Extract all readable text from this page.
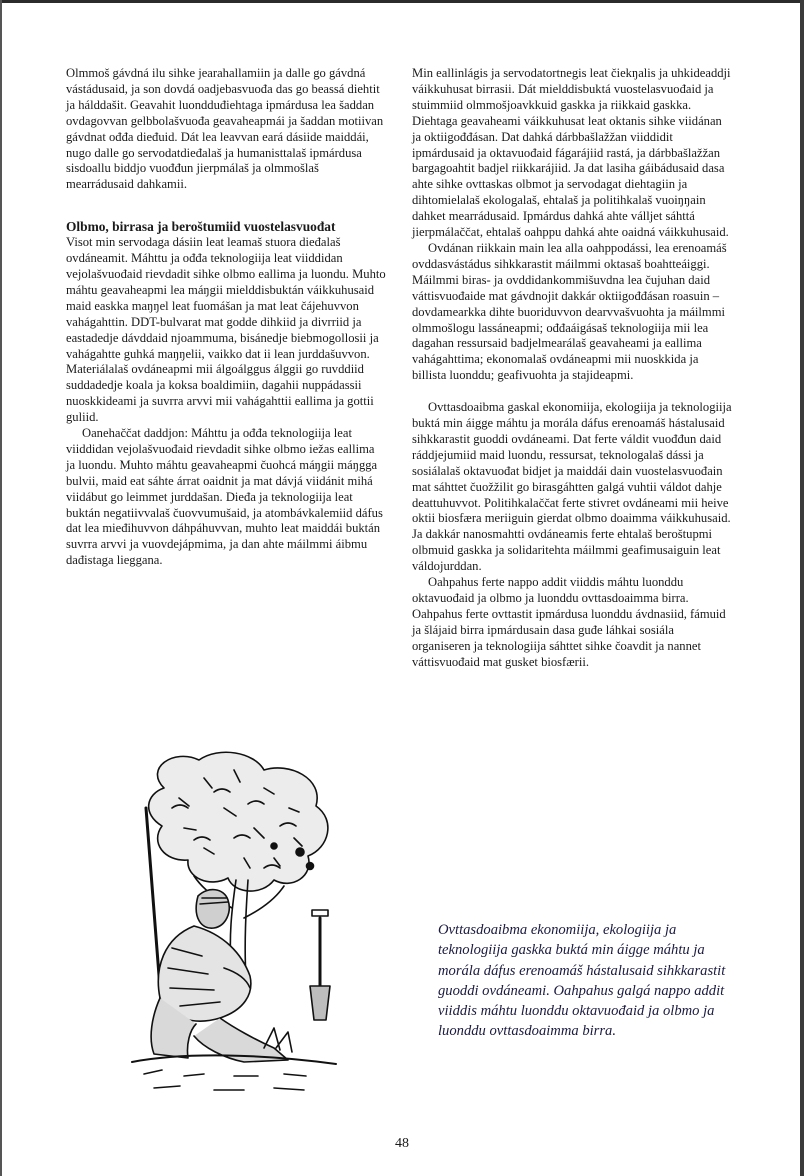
Olmmoš gávdná ilu sihke jearahallamiin ja dalle go gávdná vástádusaid, ja son dovdá oadjebasvuođa das go beassá diehtit ja hálddašit. Geavahit luondduđiehtaga ipmárdusa lea šaddan ovdagovvan gelbbolašvuođa geavaheapmái ja šaddan motiivan gávdnat ođđa dieđuid. Dát lea leavvan eará dásiide maiddái, nugo dalle go servodatdieđalaš ja humanisttalaš ipmárdusa sisdoallu biddjo vuođđun jierpmálaš ja olmmošlaš mearrádusaid dahkamii.

Olbmo, birrasa ja beroštumiid vuostelasvuođat

Visot min servodaga dásiin leat leamaš stuora dieđalaš ovdáneamit. Máhttu ja ođđa teknologiija leat viiddidan vejolašvuođaid rievdadit sihke olbmo eallima ja luondu. Muhto máhtu geavaheapmi lea máŋgii mielddisbuktán váikkuhusaid maid easkka maŋŋel leat fuomášan ja mat leat čájehuvvon vahágahttin. DDT-bulvarat mat godde dihkiid ja divrriid ja eastadedje dávddaid njoammuma, bisánedje biebmogollosii ja vahágahtte guhká maŋŋelii, vaikko dat ii lean jurddašuvvon. Materiálalaš ovdáneapmi mii álgoálggus álggii go ruvddiid suddadedje koala ja koksa boaldimiin, dagahii nuppádassii nuoskkideami ja suvrra arvvi mii vahágahttii eallima ja gottii guliid.

Oanehaččat daddjon: Máhttu ja ođđa teknologiija leat viiddidan vejolašvuođaid rievdadit sihke olbmo iežas eallima ja luondu. Muhto máhtu geavaheapmi čuohcá máŋgii máŋgga bulvii, maid eat sáhte árrat oaidnit ja mat dávjá viidánit mihá viidábut go leimmet jurddašan. Dieđa ja teknologiija leat buktán negatiivvalaš čuovvumušaid, ja atombávkalemiid dáfus dat lea mieđihuvvon dáhpáhuvvan, muhto leat maiddái buktán suvrra arvvi ja vuovdejápmima, ja dan ahte máilmmi áibmu dađistaga lieggana.

Min eallinlágis ja servodatortnegis leat čiekŋalis ja uhkideaddji váikkuhusat birrasii. Dát mielddisbuktá vuostelasvuođaid ja stuimmiid olmmošjoavkkuid gaskka ja riikkaid gaskka. Diehtaga geavaheami váikkuhusat leat oktanis sihke viidánan ja oktiigođđásan. Dat dahká dárbbašlažžan viiddidit ipmárdusaid ja oktavuođaid fágarájiid rastá, ja dárbbašlažžan bargagoahtit badjel riikkarájiid. Ja dat lasiha gáibádusaid dasa ahte sihke ovttaskas olbmot ja servodagat diehtagiin ja dihtomielalaš ekologalaš, ehtalaš ja politihkalaš vuoiŋŋain dahket mearrádusaid. Ipmárdus dahká ahte válljet sáhttá jierpmálaččat, ehtalaš oahppu dahká ahte oaidná váikkuhusaid.

Ovdánan riikkain main lea alla oahppodássi, lea erenoamáš ovddasvástádus sihkkarastit máilmmi oktasaš boahtteáiggi. Máilmmi biras- ja ovddidankommišuvdna lea čujuhan daid váttisvuođaide mat gávdnojit dakkár oktiigođđásan roasuin – dovdamearkka dihte buoriduvvon dearvvašvuohta ja máilmmi olmmošlogu lassáneapmi; ođđaáigásaš teknologiija mii lea dagahan ressursaid badjelmearálaš geavaheami ja eallima vahágahttima; ekonomalaš ovdáneapmi mii nuoskkida ja billista luonddu; geafivuohta ja stajideapmi.

Ovttasdoaibma gaskal ekonomiija, ekologiija ja teknologiija buktá min áigge máhtu ja morála dáfus erenoamáš hástalusaid sihkkarastit guoddi ovdáneami. Dat ferte váldit vuođđun daid ráddjejumiid maid luondu, ressursat, teknologalaš dássi ja sosiálalaš oktavuođat bidjet ja maiddái dain vuostelasvuođain mat sáhttet čuožžilit go birasgáhtten galgá vuhtii váldot dahje deattuhuvvot. Politihkalaččat ferte stivret ovdáneami mii heive oktii biosfæra meriiguin gierdat olbmo doaimma váikkuhusaid. Ja dakkár nanosmahtti ovdáneamis ferte ehtalaš beroštupmi olbmuid gaskka ja solidaritehta máilmmi geafimusaiguin leat váldojurddan.

Oahpahus ferte nappo addit viiddis máhtu luonddu oktavuođaid ja olbmo ja luonddu ovttasdoaimma birra. Oahpahus ferte ovttastit ipmárdusa luonddu ávdnasiid, fámuid ja šlájaid birra ipmárdusain dasa guđe láhkai sosiála organiseren ja teknologiija sáhttet sihke čoavdit ja nannet váttisvuođaid mat gusket biosfærii.

Ovttasdoaibma ekonomiija, ekologiija ja teknologiija gaskka buktá min áigge máhtu ja morála dáfus erenoamáš hástalusaid sihkkarastit guoddi ovdáneami. Oahpahus galgá nappo addit viiddis máhtu luonddu oktavuođaid ja olbmo ja luonddu ovttasdoaimma birra.
48
